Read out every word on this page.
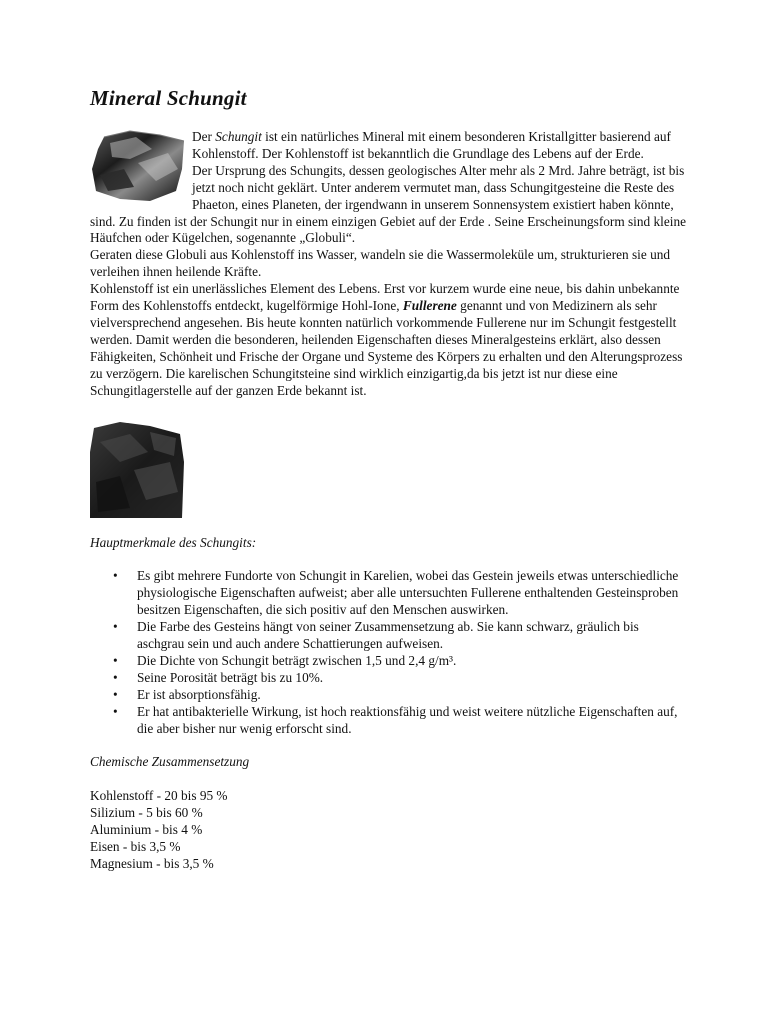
Mineral Schungit

Der Schungit ist ein natürliches Mineral mit einem besonderen Kristallgitter basierend auf Kohlenstoff. Der Kohlenstoff ist bekanntlich die Grundlage des Lebens auf der Erde.

Der Ursprung des Schungits, dessen geologisches Alter mehr als 2 Mrd. Jahre beträgt, ist bis jetzt noch nicht geklärt. Unter anderem vermutet man, dass Schungitgesteine die Reste des Phaeton, eines Planeten, der irgendwann in unserem Sonnensystem existiert haben könnte, sind. Zu finden ist der Schungit nur in einem einzigen Gebiet auf der Erde . Seine Erscheinungsform sind kleine Häufchen oder Kügelchen, sogenannte „Globuli“.

Geraten diese Globuli aus Kohlenstoff ins Wasser, wandeln sie die Wassermoleküle um, strukturieren sie und verleihen ihnen heilende Kräfte.

Kohlenstoff ist ein unerlässliches Element des Lebens. Erst vor kurzem wurde eine neue, bis dahin unbekannte Form des Kohlenstoffs entdeckt, kugelförmige Hohl-Ione, Fullerene genannt und von Medizinern als sehr vielversprechend angesehen. Bis heute konnten natürlich vorkommende Fullerene nur im Schungit festgestellt werden. Damit werden die besonderen, heilenden Eigenschaften dieses Mineralgesteins erklärt, also dessen Fähigkeiten, Schönheit und Frische der Organe und Systeme des Körpers zu erhalten und den Alterungsprozess zu verzögern. Die karelischen Schungitsteine sind wirklich einzigartig,da bis jetzt ist nur diese eine Schungitlagerstelle auf der ganzen Erde bekannt ist.

Hauptmerkmale des Schungits:
• Es gibt mehrere Fundorte von Schungit in Karelien, wobei das Gestein jeweils etwas unterschiedliche physiologische Eigenschaften aufweist; aber alle untersuchten Fullerene enthaltenden Gesteinsproben besitzen Eigenschaften, die sich positiv auf den Menschen auswirken.
• Die Farbe des Gesteins hängt von seiner Zusammensetzung ab. Sie kann schwarz, gräulich bis aschgrau sein und auch andere Schattierungen aufweisen.
• Die Dichte von Schungit beträgt zwischen 1,5 und 2,4 g/m³.
• Seine Porosität beträgt bis zu 10%.
• Er ist absorptionsfähig.
• Er hat antibakterielle Wirkung, ist hoch reaktionsfähig und weist weitere nützliche Eigenschaften auf, die aber bisher nur wenig erforscht sind.
Chemische Zusammensetzung
Kohlenstoff - 20 bis 95 %
Silizium - 5 bis 60 %
Aluminium - bis 4 %
Eisen - bis 3,5 %
Magnesium - bis 3,5 %
